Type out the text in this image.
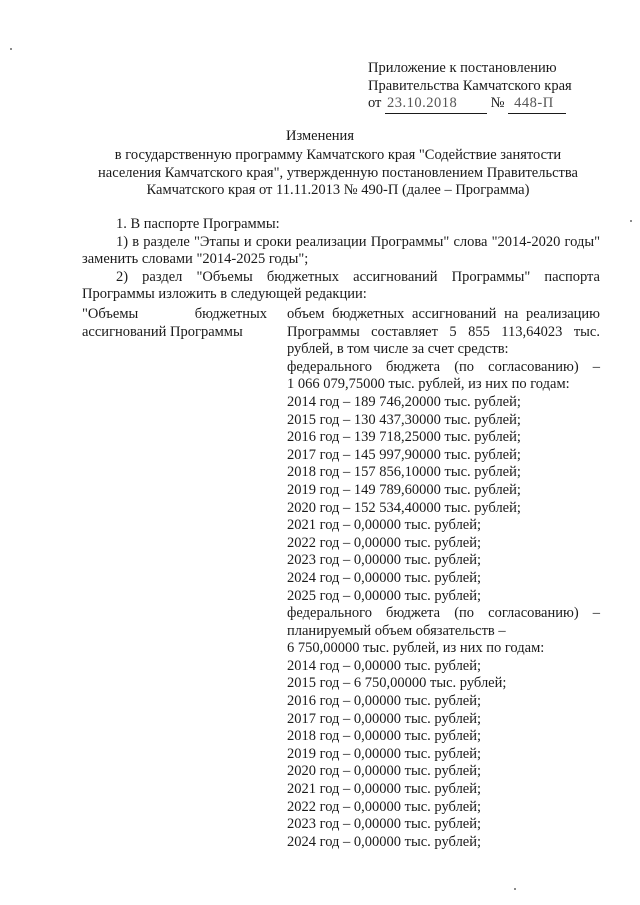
Приложение к постановлению
Правительства Камчатского края
от 23.10.2018 № 448-П
Изменения
в государственную программу Камчатского края "Содействие занятости населения Камчатского края", утвержденную постановлением Правительства Камчатского края от 11.11.2013 № 490-П (далее – Программа)

1. В паспорте Программы:

1) в разделе "Этапы и сроки реализации Программы" слова "2014-2020 годы" заменить словами "2014-2025 годы";

2) раздел "Объемы бюджетных ассигнований Программы" паспорта Программы изложить в следующей редакции:

"Объемы бюджетных ассигнований Программы
объем бюджетных ассигнований на реализацию Программы составляет 5 855 113,64023 тыс. рублей, в том числе за счет средств:
федерального бюджета (по согласованию) –
1 066 079,75000 тыс. рублей, из них по годам:
2014 год – 189 746,20000 тыс. рублей;
2015 год – 130 437,30000 тыс. рублей;
2016 год – 139 718,25000 тыс. рублей;
2017 год – 145 997,90000 тыс. рублей;
2018 год – 157 856,10000 тыс. рублей;
2019 год – 149 789,60000 тыс. рублей;
2020 год – 152 534,40000 тыс. рублей;
2021 год – 0,00000 тыс. рублей;
2022 год – 0,00000 тыс. рублей;
2023 год – 0,00000 тыс. рублей;
2024 год – 0,00000 тыс. рублей;
2025 год – 0,00000 тыс. рублей;
федерального бюджета (по согласованию) – планируемый объем обязательств –
6 750,00000 тыс. рублей, из них по годам:
2014 год – 0,00000 тыс. рублей;
2015 год – 6 750,00000 тыс. рублей;
2016 год – 0,00000 тыс. рублей;
2017 год – 0,00000 тыс. рублей;
2018 год – 0,00000 тыс. рублей;
2019 год – 0,00000 тыс. рублей;
2020 год – 0,00000 тыс. рублей;
2021 год – 0,00000 тыс. рублей;
2022 год – 0,00000 тыс. рублей;
2023 год – 0,00000 тыс. рублей;
2024 год – 0,00000 тыс. рублей;
